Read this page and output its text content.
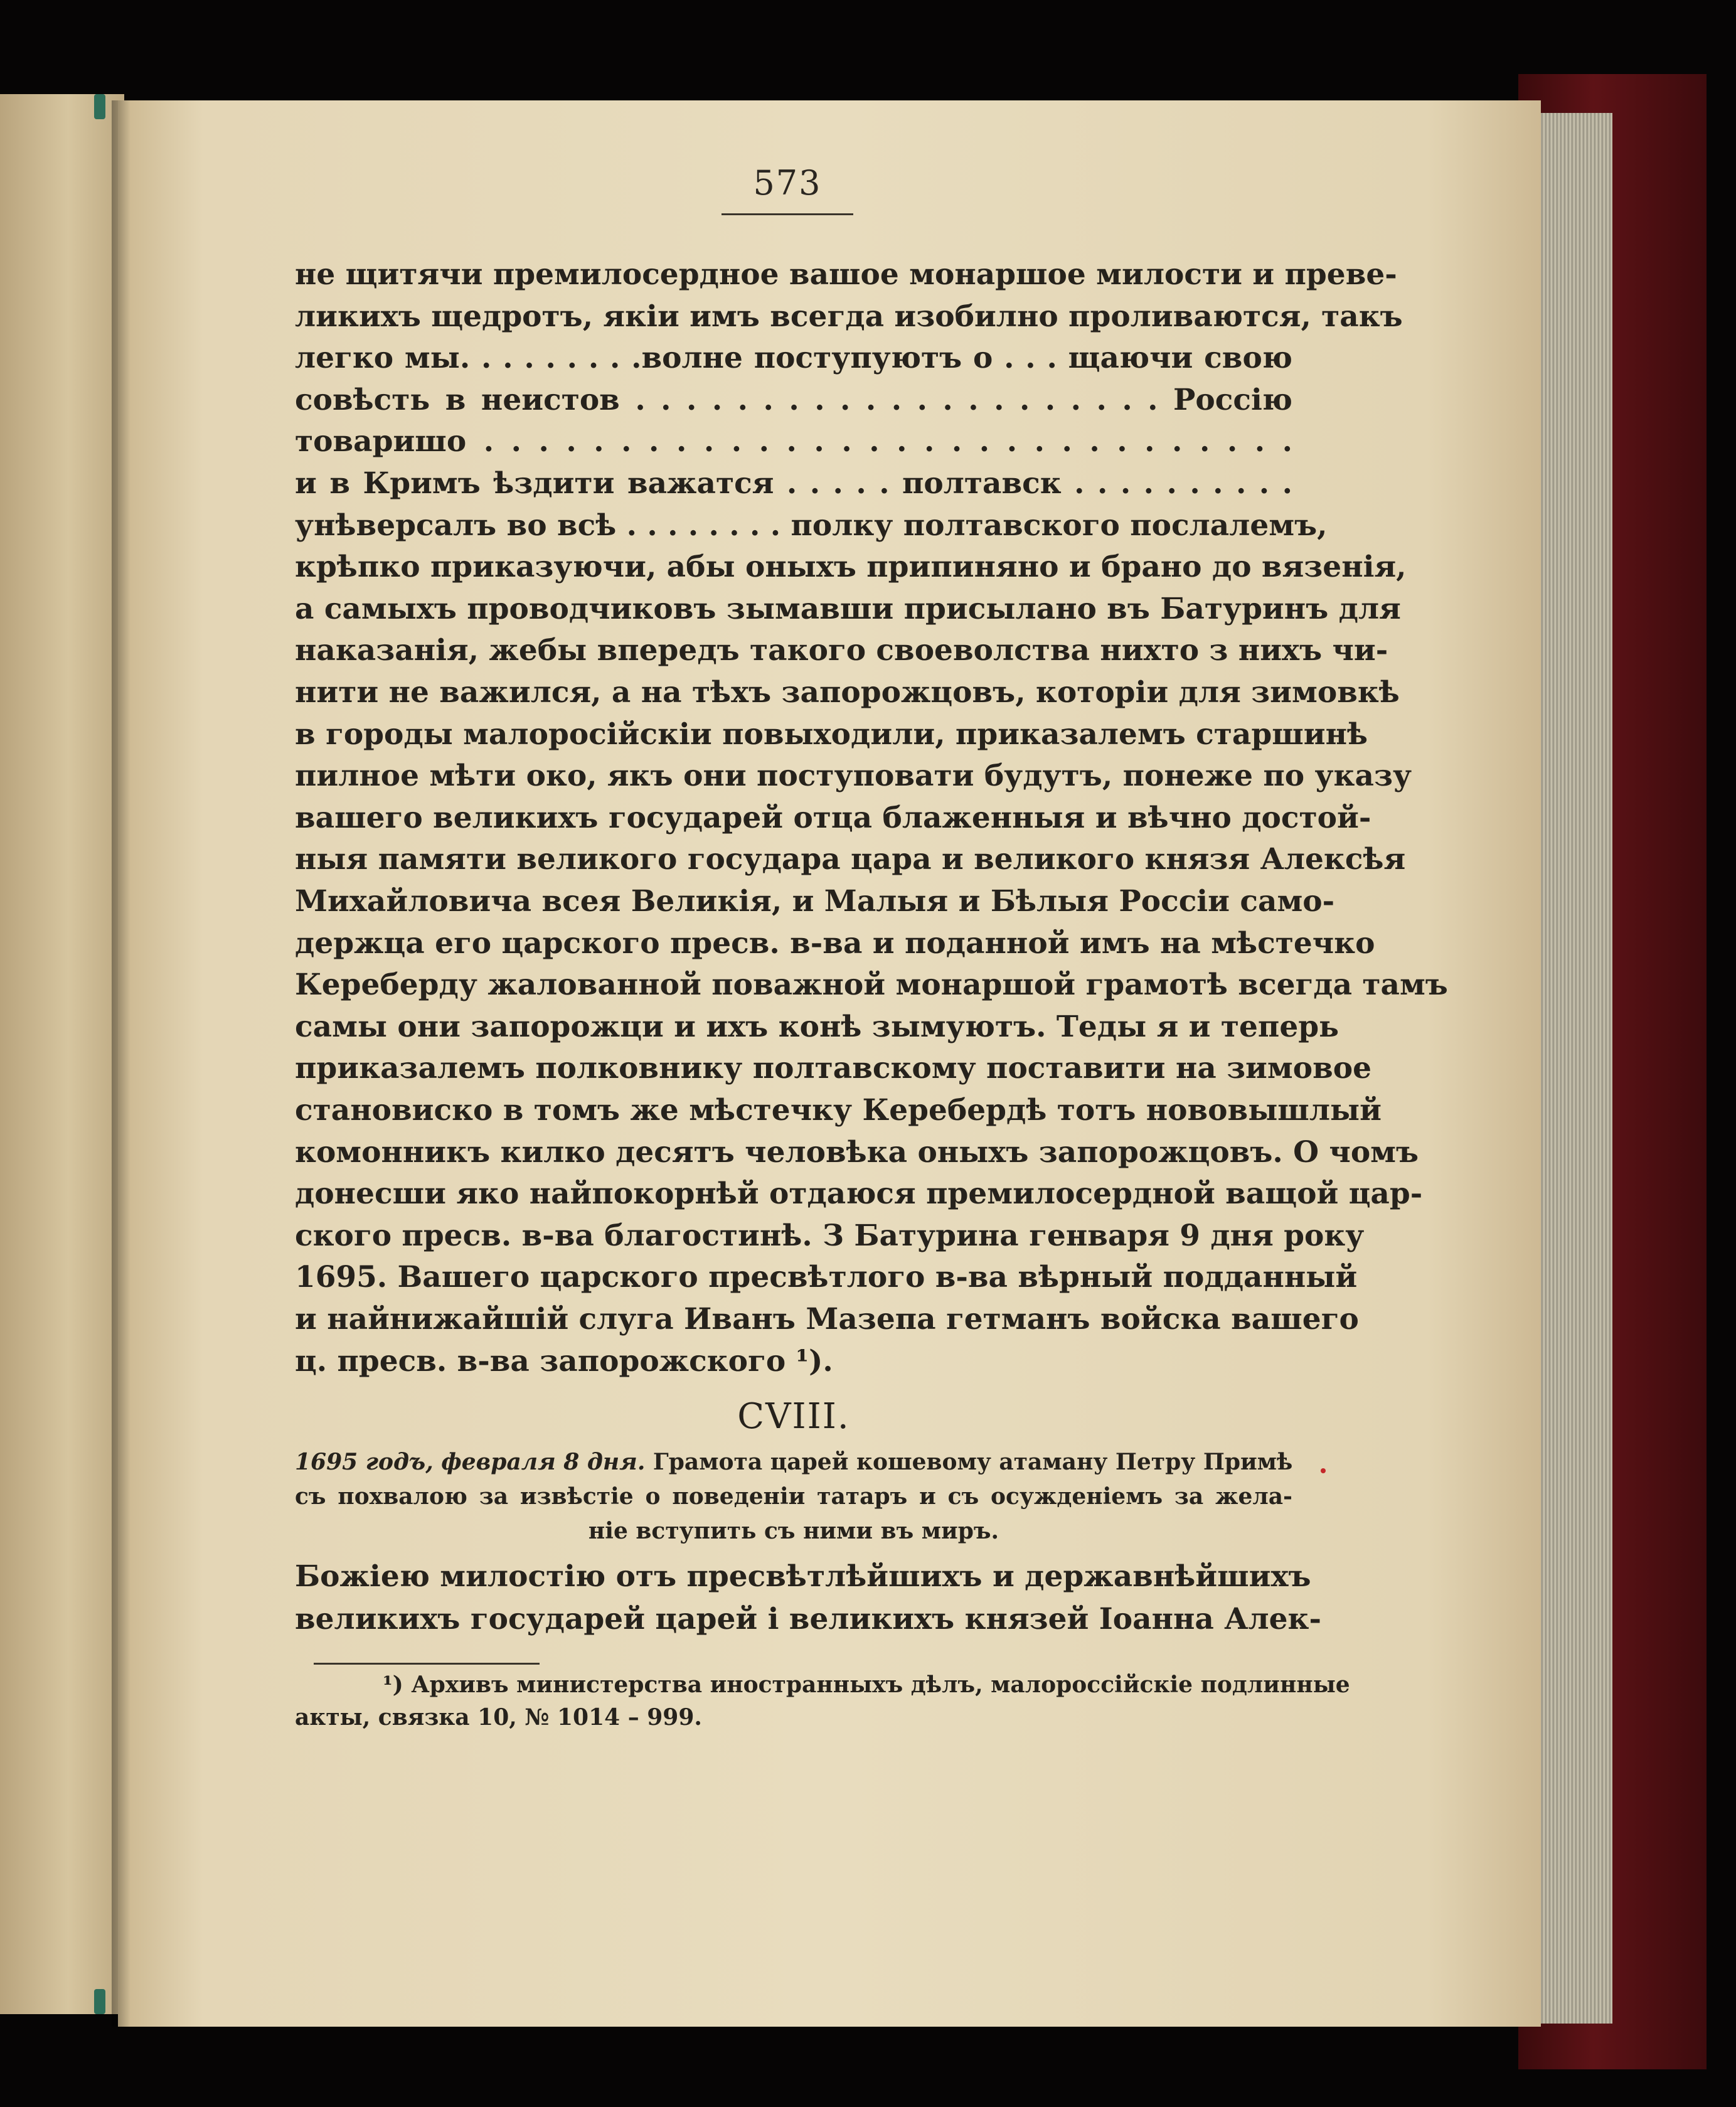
573

не щитячи премилосердное вашое монаршое милости и превe-

ликихъ щедротъ, якiи имъ всегда изобилно проливаются, такъ

легко мы. . . . . . . . .волне поступуютъ о . . . щаючи свою

совѣсть в неистов . . . . . . . . . . . . . . . . . . . . . Россiю

товаришо . . . . . . . . . . . . . . . . . . . . . . . . . . . . . .

и в Кримъ ѣздити важатся . . . . . полтавск . . . . . . . . . .

унѣверсалъ во всѣ . . . . . . . . полку полтавского послалемъ,

крѣпко приказуючи, абы оныхъ припиняно и брано до вязенiя,

а самыхъ проводчиковъ зымавши присылано въ Батуринъ для

наказанiя, жебы впередъ такого своеволства нихто з нихъ чи-

нити не важился, а на тѣхъ запорожцовъ, которiи для зимовкѣ

в городы малоросiйскiи повыходили, приказалемъ старшинѣ

пилное мѣти око, якъ они поступовати будутъ, понеже по указу

вашего великихъ государей отца блаженныя и вѣчно достой-

ныя памяти великого государа цара и великого князя Алексѣя

Михайловича всея Великiя, и Малыя и Бѣлыя Россiи само-

держца его царского пресв. в-ва и поданной имъ на мѣстечко

Кереберду жалованной поважной монаршой грамотѣ всегда тамъ

самы они запорожци и ихъ конѣ зымуютъ. Теды я и теперь

приказалемъ полковнику полтавскому поставити на зимовое

становиско в томъ же мѣстечку Керебердѣ тотъ нововышлый

комонникъ килко десятъ человѣка оныхъ запорожцовъ. О чомъ

донесши яко найпокорнѣй отдаюся премилосердной ващой цар-

ского пресв. в-ва благостинѣ. З Батурина генваря 9 дня року

1695. Вашего царского пресвѣтлого в-ва вѣрный подданный

и найнижайшiй слуга Иванъ Мазепа гетманъ войска вашего

ц. пресв. в-ва запорожского ¹).

CVIII.

1695 годъ, февраля 8 дня. Грамота царей кошевому атаману Петру Примѣ

съ похвалою за извѣстiе о поведенiи татаръ и съ осужденiемъ за жела-

нiе вступить съ ними въ миръ.

Божiею милостiю отъ пресвѣтлѣйшихъ и державнѣйшихъ

великихъ государей царей i великихъ князей Iоанна Алек-

¹) Архивъ министерства иностранныхъ дѣлъ, малороссiйскiе подлинные

акты, связка 10, № 1014 – 999.
